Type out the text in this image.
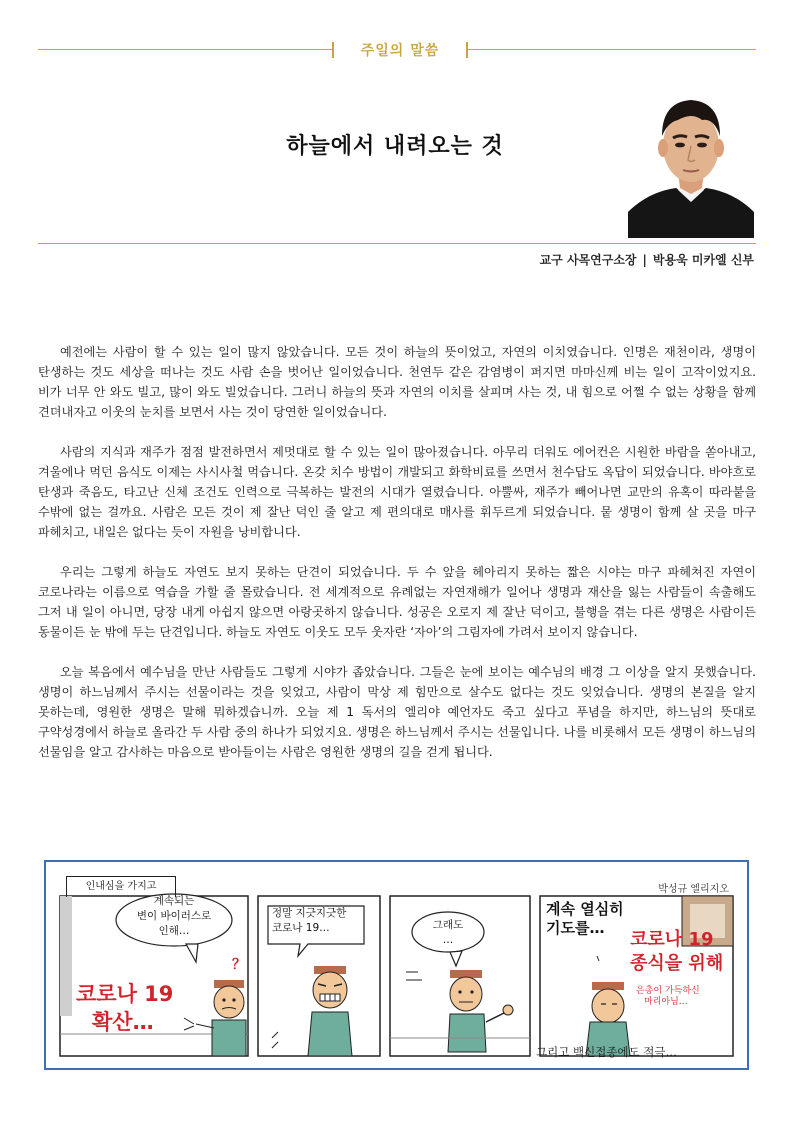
주일의 말씀
하늘에서 내려오는 것
교구 사목연구소장 | 박용욱 미카엘 신부

예전에는 사람이 할 수 있는 일이 많지 않았습니다. 모든 것이 하늘의 뜻이었고, 자연의 이치였습니다. 인명은 재천이라, 생명이 탄생하는 것도 세상을 떠나는 것도 사람 손을 벗어난 일이었습니다. 천연두 같은 감염병이 퍼지면 마마신께 비는 일이 고작이었지요. 비가 너무 안 와도 빌고, 많이 와도 빌었습니다. 그러니 하늘의 뜻과 자연의 이치를 살피며 사는 것, 내 힘으로 어쩔 수 없는 상황을 함께 견뎌내자고 이웃의 눈치를 보면서 사는 것이 당연한 일이었습니다.

사람의 지식과 재주가 점점 발전하면서 제멋대로 할 수 있는 일이 많아졌습니다. 아무리 더워도 에어컨은 시원한 바람을 쏟아내고, 겨울에나 먹던 음식도 이제는 사시사철 먹습니다. 온갖 치수 방법이 개발되고 화학비료를 쓰면서 천수답도 옥답이 되었습니다. 바야흐로 탄생과 죽음도, 타고난 신체 조건도 인력으로 극복하는 발전의 시대가 열렸습니다. 아뿔싸, 재주가 빼어나면 교만의 유혹이 따라붙을 수밖에 없는 걸까요. 사람은 모든 것이 제 잘난 덕인 줄 알고 제 편의대로 매사를 휘두르게 되었습니다. 뭍 생명이 함께 살 곳을 마구 파헤치고, 내일은 없다는 듯이 자원을 낭비합니다.

우리는 그렇게 하늘도 자연도 보지 못하는 단견이 되었습니다. 두 수 앞을 헤아리지 못하는 짧은 시야는 마구 파헤쳐진 자연이 코로나라는 이름으로 역습을 가할 줄 몰랐습니다. 전 세계적으로 유례없는 자연재해가 일어나 생명과 재산을 잃는 사람들이 속출해도 그저 내 일이 아니면, 당장 내게 아쉽지 않으면 아랑곳하지 않습니다. 성공은 오로지 제 잘난 덕이고, 불행을 겪는 다른 생명은 사람이든 동물이든 눈 밖에 두는 단견입니다. 하늘도 자연도 이웃도 모두 웃자란 ‘자아’의 그림자에 가려서 보이지 않습니다.

오늘 복음에서 예수님을 만난 사람들도 그렇게 시야가 좁았습니다. 그들은 눈에 보이는 예수님의 배경 그 이상을 알지 못했습니다. 생명이 하느님께서 주시는 선물이라는 것을 잊었고, 사람이 막상 제 힘만으로 살수도 없다는 것도 잊었습니다. 생명의 본질을 알지 못하는데, 영원한 생명은 말해 뭐하겠습니까. 오늘 제 1 독서의 엘리야 예언자도 죽고 싶다고 푸념을 하지만, 하느님의 뜻대로 구약성경에서 하늘로 올라간 두 사람 중의 하나가 되었지요. 생명은 하느님께서 주시는 선물입니다. 나를 비롯해서 모든 생명이 하느님의 선물임을 알고 감사하는 마음으로 받아들이는 사람은 영원한 생명의 길을 걷게 됩니다.

인내심을 가지고	박성규 엘리지오
계속되는
변이 바이러스로
인해…
코로나 19
확산…
？
정말 지긋지긋한
코로나 19…	그래도
…
계속 열심히
기도를…
코로나 19
종식을 위해
은총이 가득하신
마리아님…
그리고 백신접종에도 적극…
